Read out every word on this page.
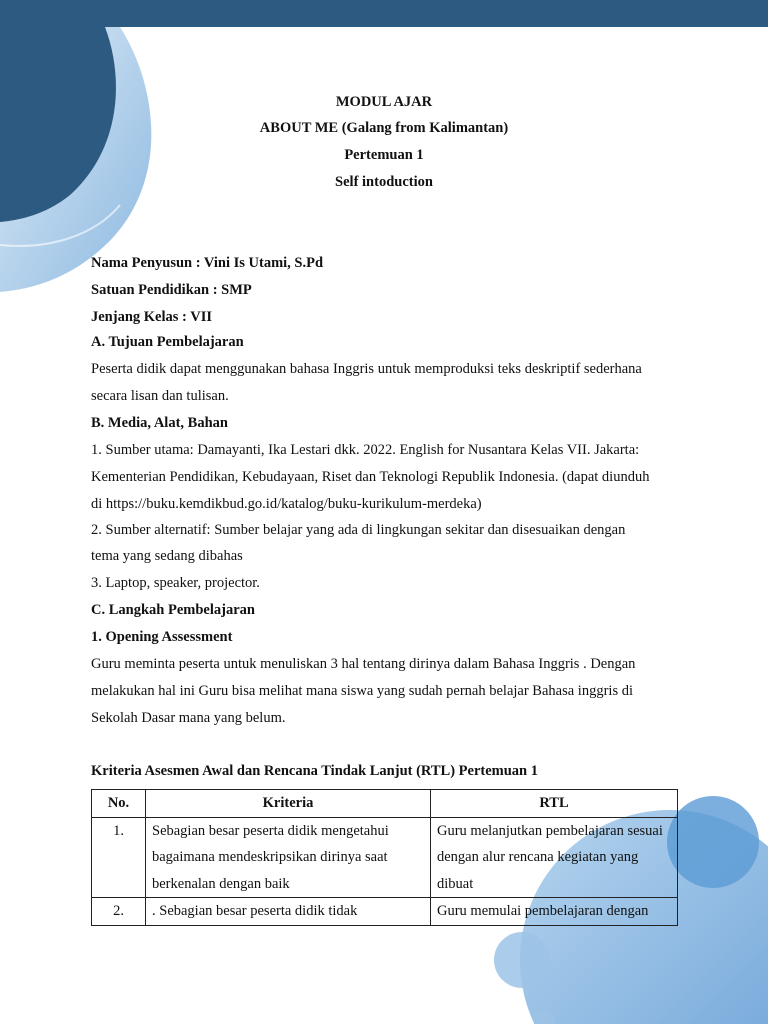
MODUL AJAR
ABOUT ME (Galang from Kalimantan)
Pertemuan 1
Self intoduction
Nama Penyusun : Vini Is Utami, S.Pd
Satuan Pendidikan : SMP
Jenjang Kelas : VII
A. Tujuan Pembelajaran
Peserta didik dapat menggunakan bahasa Inggris untuk memproduksi teks deskriptif sederhana
secara lisan dan tulisan.
B. Media, Alat, Bahan
1. Sumber utama: Damayanti, Ika Lestari dkk. 2022. English for Nusantara Kelas VII. Jakarta:
Kementerian Pendidikan, Kebudayaan, Riset dan Teknologi Republik Indonesia. (dapat diunduh
di https://buku.kemdikbud.go.id/katalog/buku-kurikulum-merdeka)
2. Sumber alternatif: Sumber belajar yang ada di lingkungan sekitar dan disesuaikan dengan
tema yang sedang dibahas
3. Laptop, speaker, projector.
C. Langkah Pembelajaran
1. Opening Assessment
Guru meminta peserta untuk menuliskan 3 hal tentang dirinya dalam Bahasa Inggris . Dengan
melakukan hal ini Guru bisa melihat mana siswa yang sudah pernah belajar Bahasa inggris di
Sekolah Dasar mana yang belum.
Kriteria Asesmen Awal dan Rencana Tindak Lanjut (RTL) Pertemuan 1
No.	Kriteria	RTL
1.	Sebagian besar peserta didik mengetahui
bagaimana mendeskripsikan dirinya saat
berkenalan dengan baik	Guru melanjutkan pembelajaran sesuai
dengan alur rencana kegiatan yang
dibuat

2.	. Sebagian besar peserta didik tidak	Guru memulai pembelajaran dengan
